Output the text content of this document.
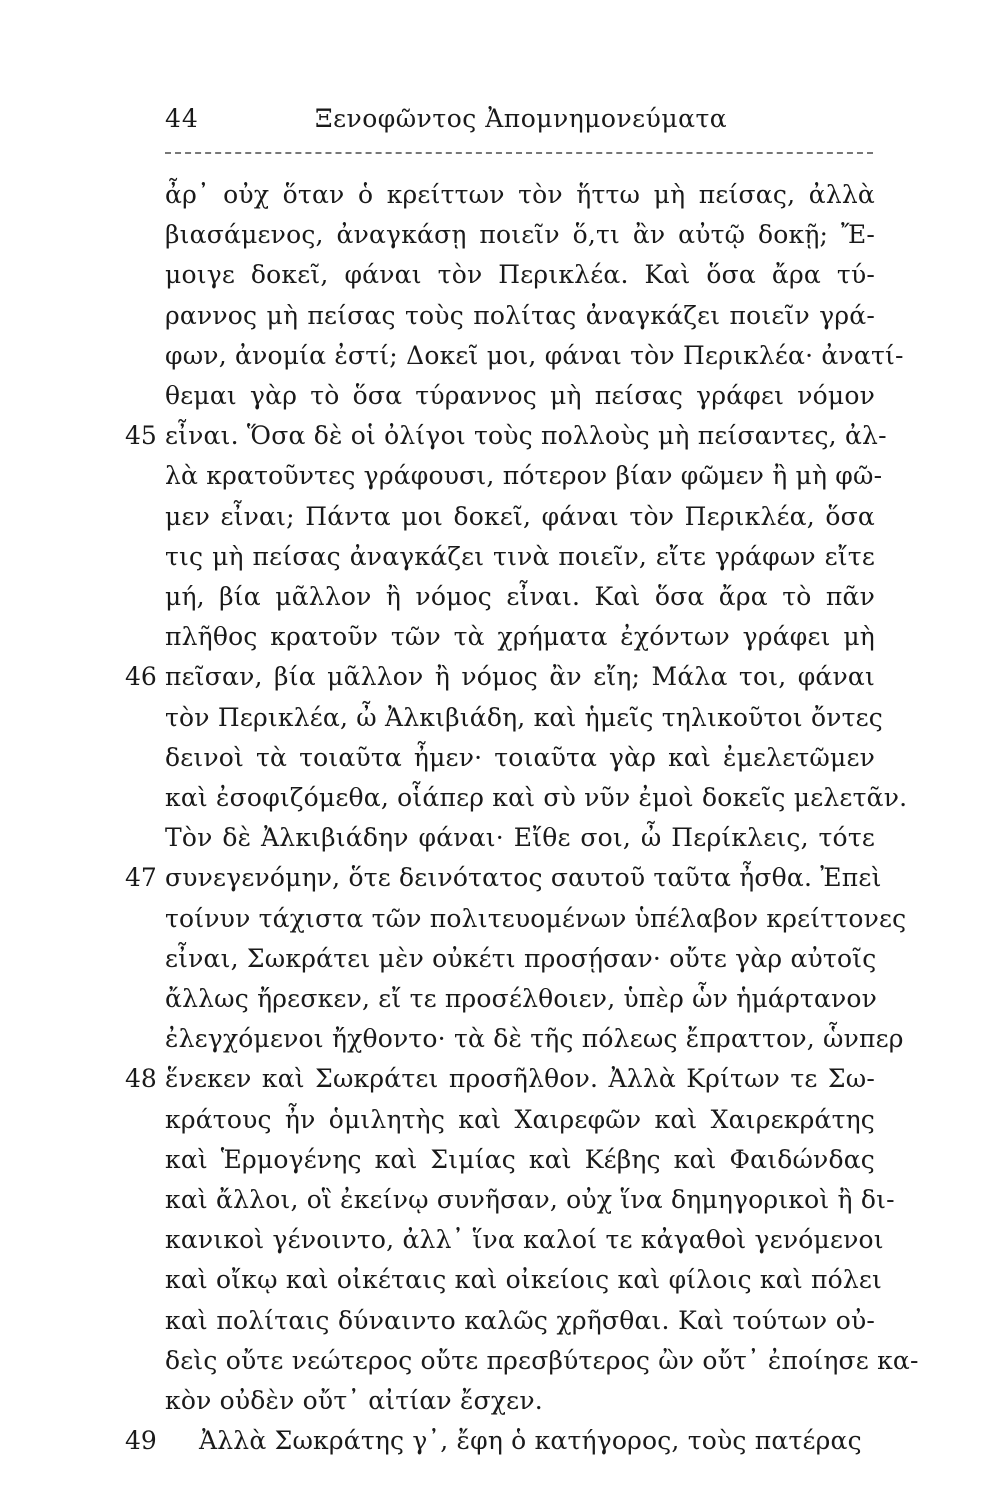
44	Ξενοφῶντος Ἀπομνημονεύματα
ἆρ᾽ οὐχ ὅταν ὁ κρείττων τὸν ἥττω μὴ πείσας, ἀλλὰ
βιασάμενος, ἀναγκάσῃ ποιεῖν ὅ,τι ἂν αὐτῷ δοκῇ; Ἔ-
μοιγε δοκεῖ, φάναι τὸν Περικλέα. Καὶ ὅσα ἄρα τύ-
ραννος μὴ πείσας τοὺς πολίτας ἀναγκάζει ποιεῖν γρά-
φων, ἀνομία ἐστί; Δοκεῖ μοι, φάναι τὸν Περικλέα· ἀνατί-
θεμαι γὰρ τὸ ὅσα τύραννος μὴ πείσας γράφει νόμον
εἶναι. Ὅσα δὲ οἱ ὀλίγοι τοὺς πολλοὺς μὴ πείσαντες, ἀλ-
λὰ κρατοῦντες γράφουσι, πότερον βίαν φῶμεν ἢ μὴ φῶ-
μεν εἶναι; Πάντα μοι δοκεῖ, φάναι τὸν Περικλέα, ὅσα
τις μὴ πείσας ἀναγκάζει τινὰ ποιεῖν, εἴτε γράφων εἴτε
μή, βία μᾶλλον ἢ νόμος εἶναι. Καὶ ὅσα ἄρα τὸ πᾶν
πλῆθος κρατοῦν τῶν τὰ χρήματα ἐχόντων γράφει μὴ
πεῖσαν, βία μᾶλλον ἢ νόμος ἂν εἴη; Μάλα τοι, φάναι
τὸν Περικλέα, ὦ Ἀλκιβιάδη, καὶ ἡμεῖς τηλικοῦτοι ὄντες
δεινοὶ τὰ τοιαῦτα ἦμεν· τοιαῦτα γὰρ καὶ ἐμελετῶμεν
καὶ ἐσοφιζόμεθα, οἷάπερ καὶ σὺ νῦν ἐμοὶ δοκεῖς μελετᾶν.
Τὸν δὲ Ἀλκιβιάδην φάναι· Εἴθε σοι, ὦ Περίκλεις, τότε
συνεγενόμην, ὅτε δεινότατος σαυτοῦ ταῦτα ἦσθα. Ἐπεὶ
τοίνυν τάχιστα τῶν πολιτευομένων ὑπέλαβον κρείττονες
εἶναι, Σωκράτει μὲν οὐκέτι προσῄσαν· οὔτε γὰρ αὐτοῖς
ἄλλως ἤρεσκεν, εἴ τε προσέλθοιεν, ὑπὲρ ὧν ἡμάρτανον
ἐλεγχόμενοι ἤχθοντο· τὰ δὲ τῆς πόλεως ἔπραττον, ὧνπερ
ἕνεκεν καὶ Σωκράτει προσῆλθον. Ἀλλὰ Κρίτων τε Σω-
κράτους ἦν ὁμιλητὴς καὶ Χαιρεφῶν καὶ Χαιρεκράτης
καὶ Ἑρμογένης καὶ Σιμίας καὶ Κέβης καὶ Φαιδώνδας
καὶ ἄλλοι, οἳ ἐκείνῳ συνῆσαν, οὐχ ἵνα δημηγορικοὶ ἢ δι-
κανικοὶ γένοιντο, ἀλλ᾽ ἵνα καλοί τε κἀγαθοὶ γενόμενοι
καὶ οἴκῳ καὶ οἰκέταις καὶ οἰκείοις καὶ φίλοις καὶ πόλει
καὶ πολίταις δύναιντο καλῶς χρῆσθαι. Καὶ τούτων οὐ-
δεὶς οὔτε νεώτερος οὔτε πρεσβύτερος ὢν οὔτ᾽ ἐποίησε κα-
κὸν οὐδὲν οὔτ᾽ αἰτίαν ἔσχεν.
Ἀλλὰ Σωκράτης γ᾽, ἔφη ὁ κατήγορος, τοὺς πατέρας
45
46
47
48
49
